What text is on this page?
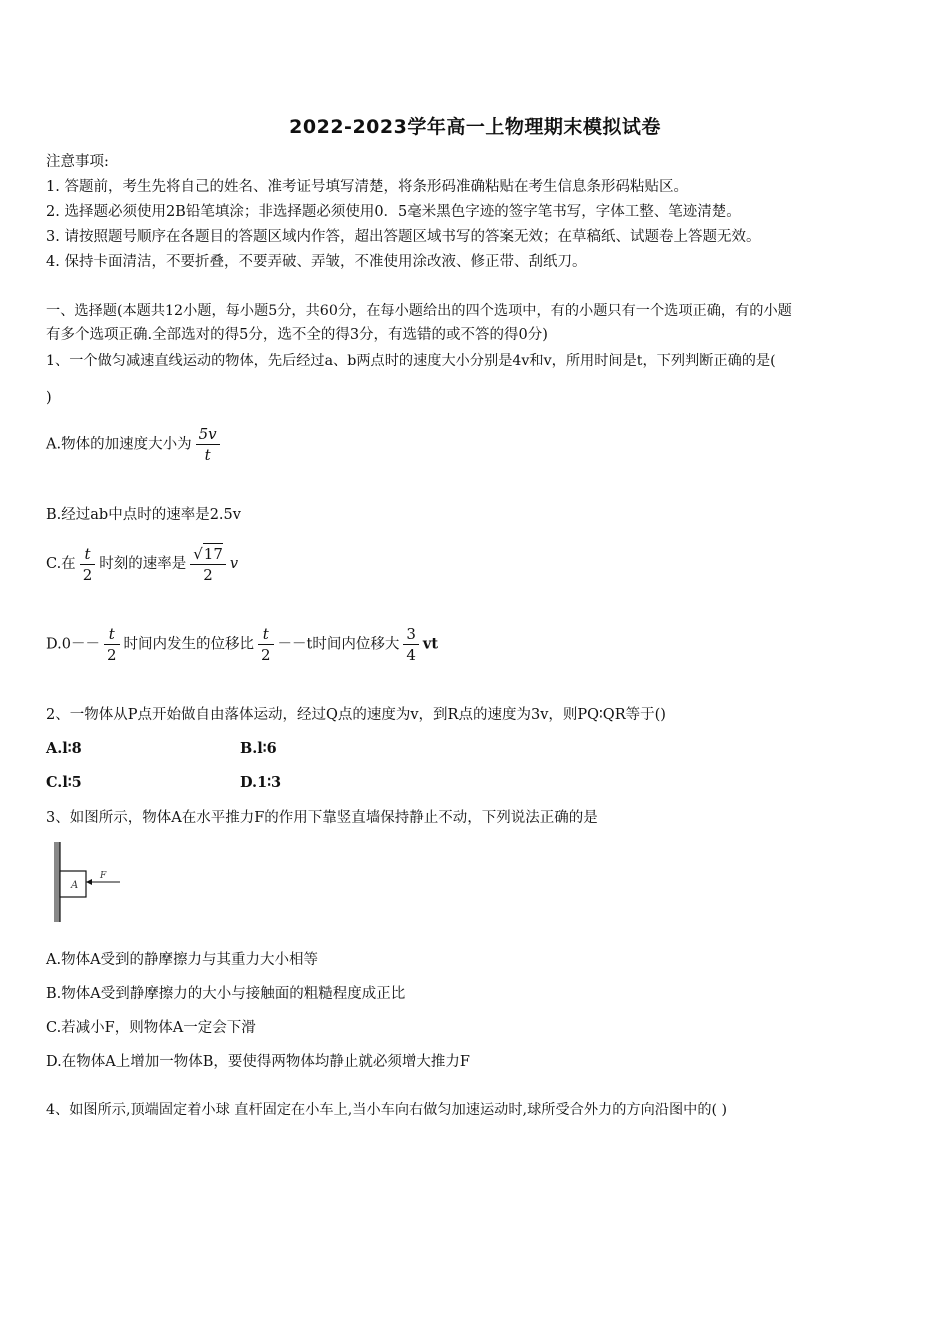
2022-2023学年高一上物理期末模拟试卷
注意事项:
1. 答题前，考生先将自己的姓名、准考证号填写清楚，将条形码准确粘贴在考生信息条形码粘贴区。
2. 选择题必须使用2B铅笔填涂；非选择题必须使用0．5毫米黑色字迹的签字笔书写，字体工整、笔迹清楚。
3. 请按照题号顺序在各题目的答题区域内作答，超出答题区域书写的答案无效；在草稿纸、试题卷上答题无效。
4. 保持卡面清洁，不要折叠，不要弄破、弄皱，不准使用涂改液、修正带、刮纸刀。
一、选择题(本题共12小题，每小题5分，共60分，在每小题给出的四个选项中，有的小题只有一个选项正确，有的小题
有多个选项正确.全部选对的得5分，选不全的得3分，有选错的或不答的得0分)
1、一个做匀减速直线运动的物体，先后经过a、b两点时的速度大小分别是4v和v，所用时间是t，下列判断正确的是(
)
A.物体的加速度大小为 $\frac{5v}{t}$
B.经过ab中点时的速率是2.5v
C.在 $\frac{t}{2}$ 时刻的速率是 $\frac{√17}{2}$ v
$D.0-- \frac{t}{2}$ 时间内发生的位移比 $\frac{t}{2} --t$时间内位移大 $\frac{3}{4}$ vt
2、一物体从P点开始做自由落体运动，经过Q点的速度为v，到R点的速度为3v，则PQ∶QR等于()
A.l∶8	B.l∶6
C.l∶5	D.1∶3
3、如图所示，物体A在水平推力F的作用下靠竖直墙保持静止不动，下列说法正确的是
A
F
A.物体A受到的静摩擦力与其重力大小相等
B.物体A受到静摩擦力的大小与接触面的粗糙程度成正比
C.若减小F，则物体A一定会下滑
D.在物体A上增加一物体B，要使得两物体均静止就必须增大推力F
4、如图所示,顶端固定着小球 直杆固定在小车上,当小车向右做匀加速运动时,球所受合外力的方向沿图中的( )
